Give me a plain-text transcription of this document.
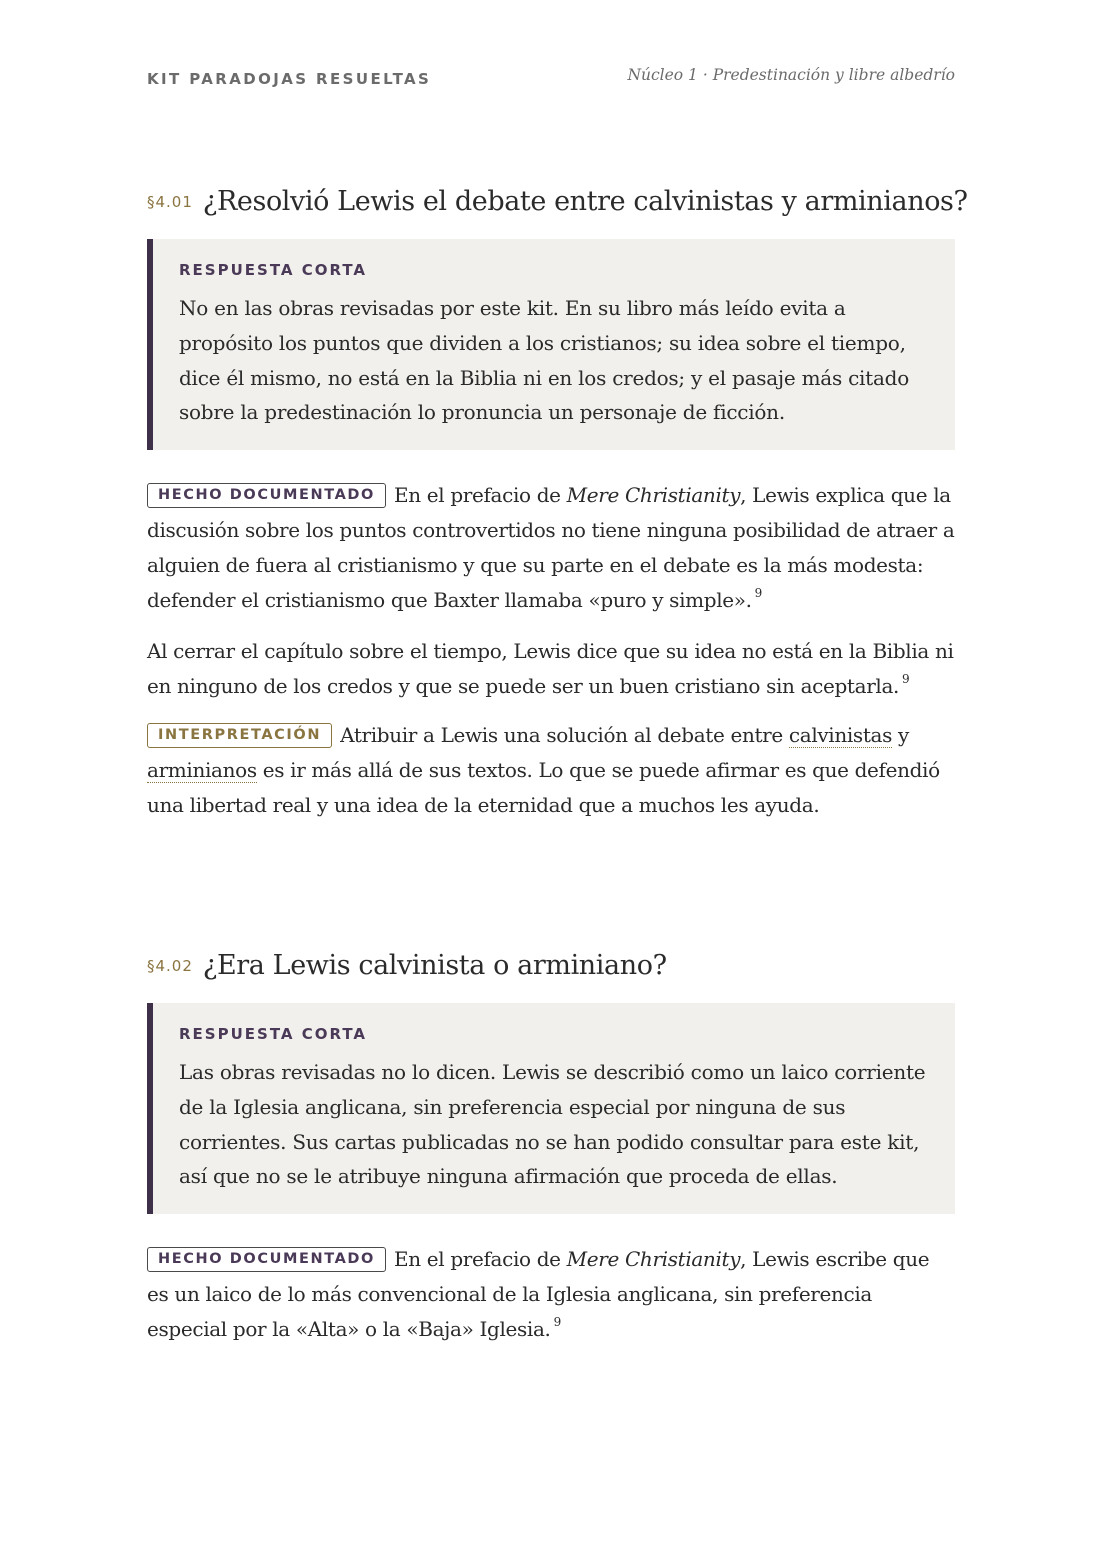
KIT PARADOJAS RESUELTAS	Núcleo 1 · Predestinación y libre albedrío
§4.01 ¿Resolvió Lewis el debate entre calvinistas y arminianos?
RESPUESTA CORTA
No en las obras revisadas por este kit. En su libro más leído evita a propósito los puntos que dividen a los cristianos; su idea sobre el tiempo, dice él mismo, no está en la Biblia ni en los credos; y el pasaje más citado sobre la predestinación lo pronuncia un personaje de ficción.

HECHO DOCUMENTADO En el prefacio de Mere Christianity, Lewis explica que la discusión sobre los puntos controvertidos no tiene ninguna posibilidad de atraer a alguien de fuera al cristianismo y que su parte en el debate es la más modesta: defender el cristianismo que Baxter llamaba «puro y simple». $^9$

Al cerrar el capítulo sobre el tiempo, Lewis dice que su idea no está en la Biblia ni en ninguno de los credos y que se puede ser un buen cristiano sin aceptarla. $^9$

INTERPRETACIÓN Atribuir a Lewis una solución al debate entre calvinistas y arminianos es ir más allá de sus textos. Lo que se puede afirmar es que defendió una libertad real y una idea de la eternidad que a muchos les ayuda.

§4.02 ¿Era Lewis calvinista o arminiano?
RESPUESTA CORTA
Las obras revisadas no lo dicen. Lewis se describió como un laico corriente de la Iglesia anglicana, sin preferencia especial por ninguna de sus corrientes. Sus cartas publicadas no se han podido consultar para este kit, así que no se le atribuye ninguna afirmación que proceda de ellas.

HECHO DOCUMENTADO En el prefacio de Mere Christianity, Lewis escribe que es un laico de lo más convencional de la Iglesia anglicana, sin preferencia especial por la «Alta» o la «Baja» Iglesia. $^9$
